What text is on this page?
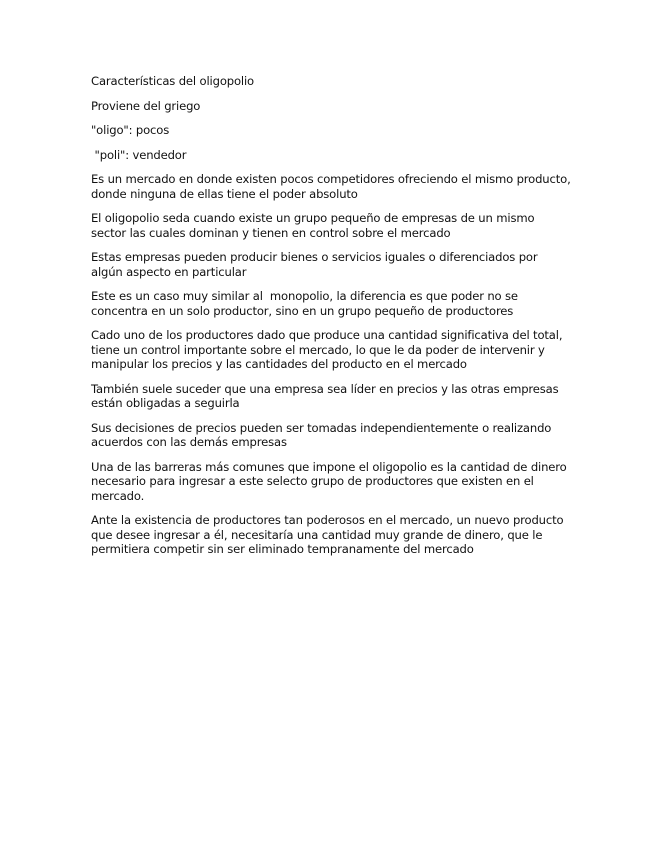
Características del oligopolio

Proviene del griego

"oligo": pocos

"poli": vendedor

Es un mercado en donde existen pocos competidores ofreciendo el mismo producto, donde ninguna de ellas tiene el poder absoluto

El oligopolio seda cuando existe un grupo pequeño de empresas de un mismo sector las cuales dominan y tienen en control sobre el mercado

Estas empresas pueden producir bienes o servicios iguales o diferenciados por algún aspecto en particular

Este es un caso muy similar al  monopolio, la diferencia es que poder no se concentra en un solo productor, sino en un grupo pequeño de productores

Cado uno de los productores dado que produce una cantidad significativa del total, tiene un control importante sobre el mercado, lo que le da poder de intervenir y manipular los precios y las cantidades del producto en el mercado

También suele suceder que una empresa sea líder en precios y las otras empresas están obligadas a seguirla

Sus decisiones de precios pueden ser tomadas independientemente o realizando acuerdos con las demás empresas

Una de las barreras más comunes que impone el oligopolio es la cantidad de dinero necesario para ingresar a este selecto grupo de productores que existen en el mercado.

Ante la existencia de productores tan poderosos en el mercado, un nuevo producto que desee ingresar a él, necesitaría una cantidad muy grande de dinero, que le permitiera competir sin ser eliminado tempranamente del mercado
